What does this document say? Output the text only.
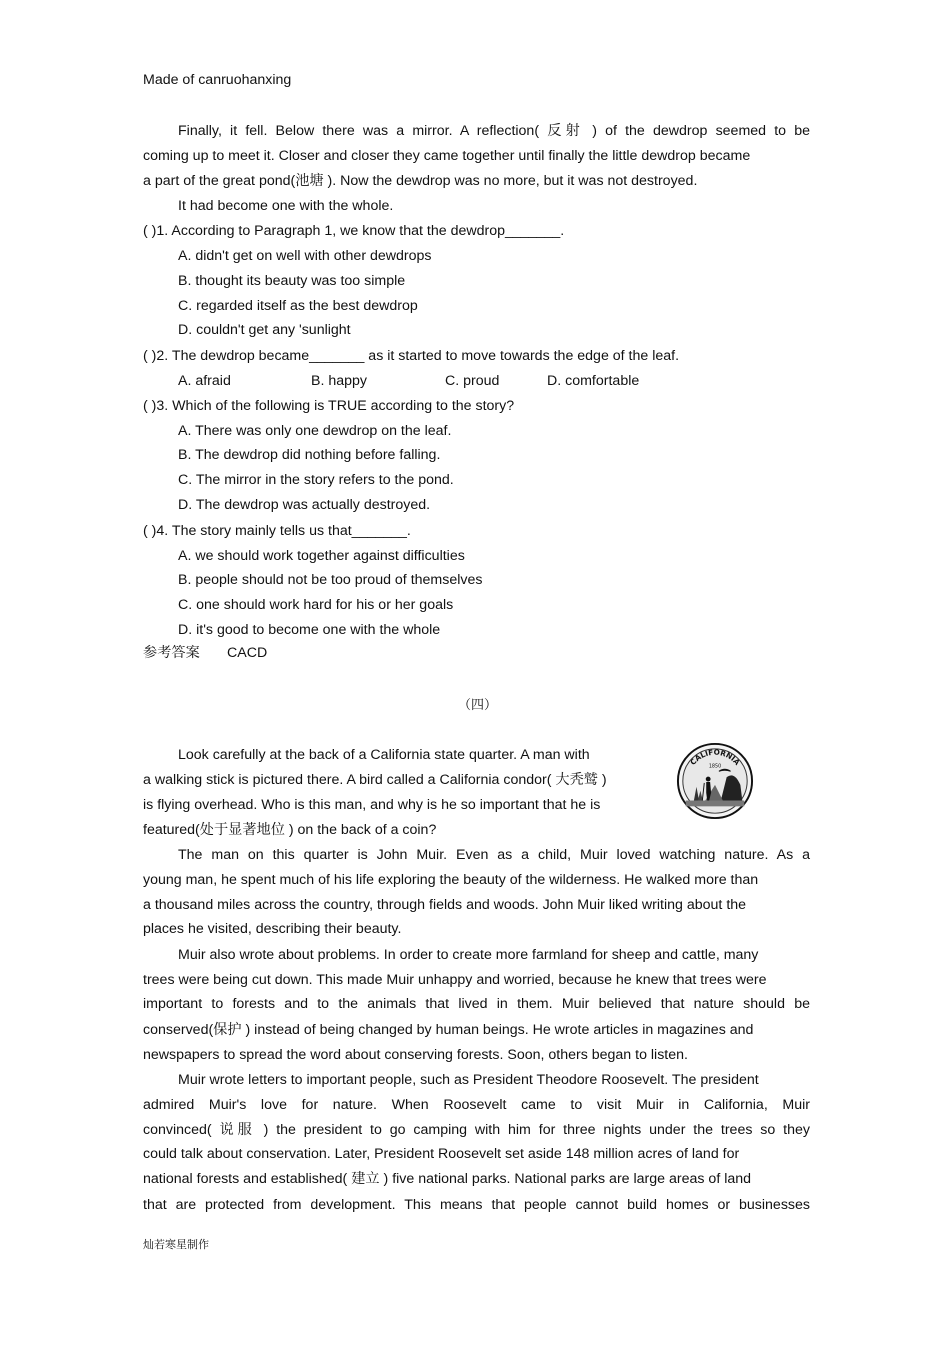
Made of canruohanxing
Finally, it fell. Below there was a mirror. A reflection( 反射 ) of the dewdrop seemed to be
coming up to meet it. Closer and closer they came together until finally the little dewdrop became
a part of the great pond(池塘 ). Now the dewdrop was no more, but it was not destroyed.
It had become one with the whole.
( )1. According to Paragraph 1, we know that the dewdrop_______.
A. didn't get on well with other dewdrops
B. thought its beauty was too simple
C. regarded itself as the best dewdrop
D. couldn't get any 'sunlight
( )2. The dewdrop became_______ as it started to move towards the edge of the leaf.
A. afraid	B. happy	C. proud	D. comfortable
( )3. Which of the following is TRUE according to the story?
A. There was only one dewdrop on the leaf.
B. The dewdrop did nothing before falling.
C. The mirror in the story refers to the pond.
D. The dewdrop was actually destroyed.
( )4. The story mainly tells us that_______.
A. we should work together against difficulties
B. people should not be too proud of themselves
C. one should work hard for his or her goals
D. it's good to become one with the whole
参考答案 CACD
Look carefully at the back of a California state quarter. A man with
a walking stick is pictured there. A bird called a California condor( 大秃鹫 )
is flying overhead. Who is this man, and why is he so important that he is
featured(处于显著地位 ) on the back of a coin?
The man on this quarter is John Muir. Even as a child, Muir loved watching nature. As a
young man, he spent much of his life exploring the beauty of the wilderness. He walked more than
a thousand miles across the country, through fields and woods. John Muir liked writing about the
places he visited, describing their beauty.
Muir also wrote about problems. In order to create more farmland for sheep and cattle, many
trees were being cut down. This made Muir unhappy and worried, because he knew that trees were
important to forests and to the animals that lived in them. Muir believed that nature should be
conserved(保护 ) instead of being changed by human beings. He wrote articles in magazines and
newspapers to spread the word about conserving forests. Soon, others began to listen.
Muir wrote letters to important people, such as President Theodore Roosevelt. The president
admired Muir's love for nature. When Roosevelt came to visit Muir in California, Muir
convinced( 说服 ) the president to go camping with him for three nights under the trees so they
could talk about conservation. Later, President Roosevelt set aside 148 million acres of land for
national forests and established( 建立 ) five national parks. National parks are large areas of land
that are protected from development. This means that people cannot build homes or businesses
（四）
CALIFORNIA
1850
灿若寒星制作
